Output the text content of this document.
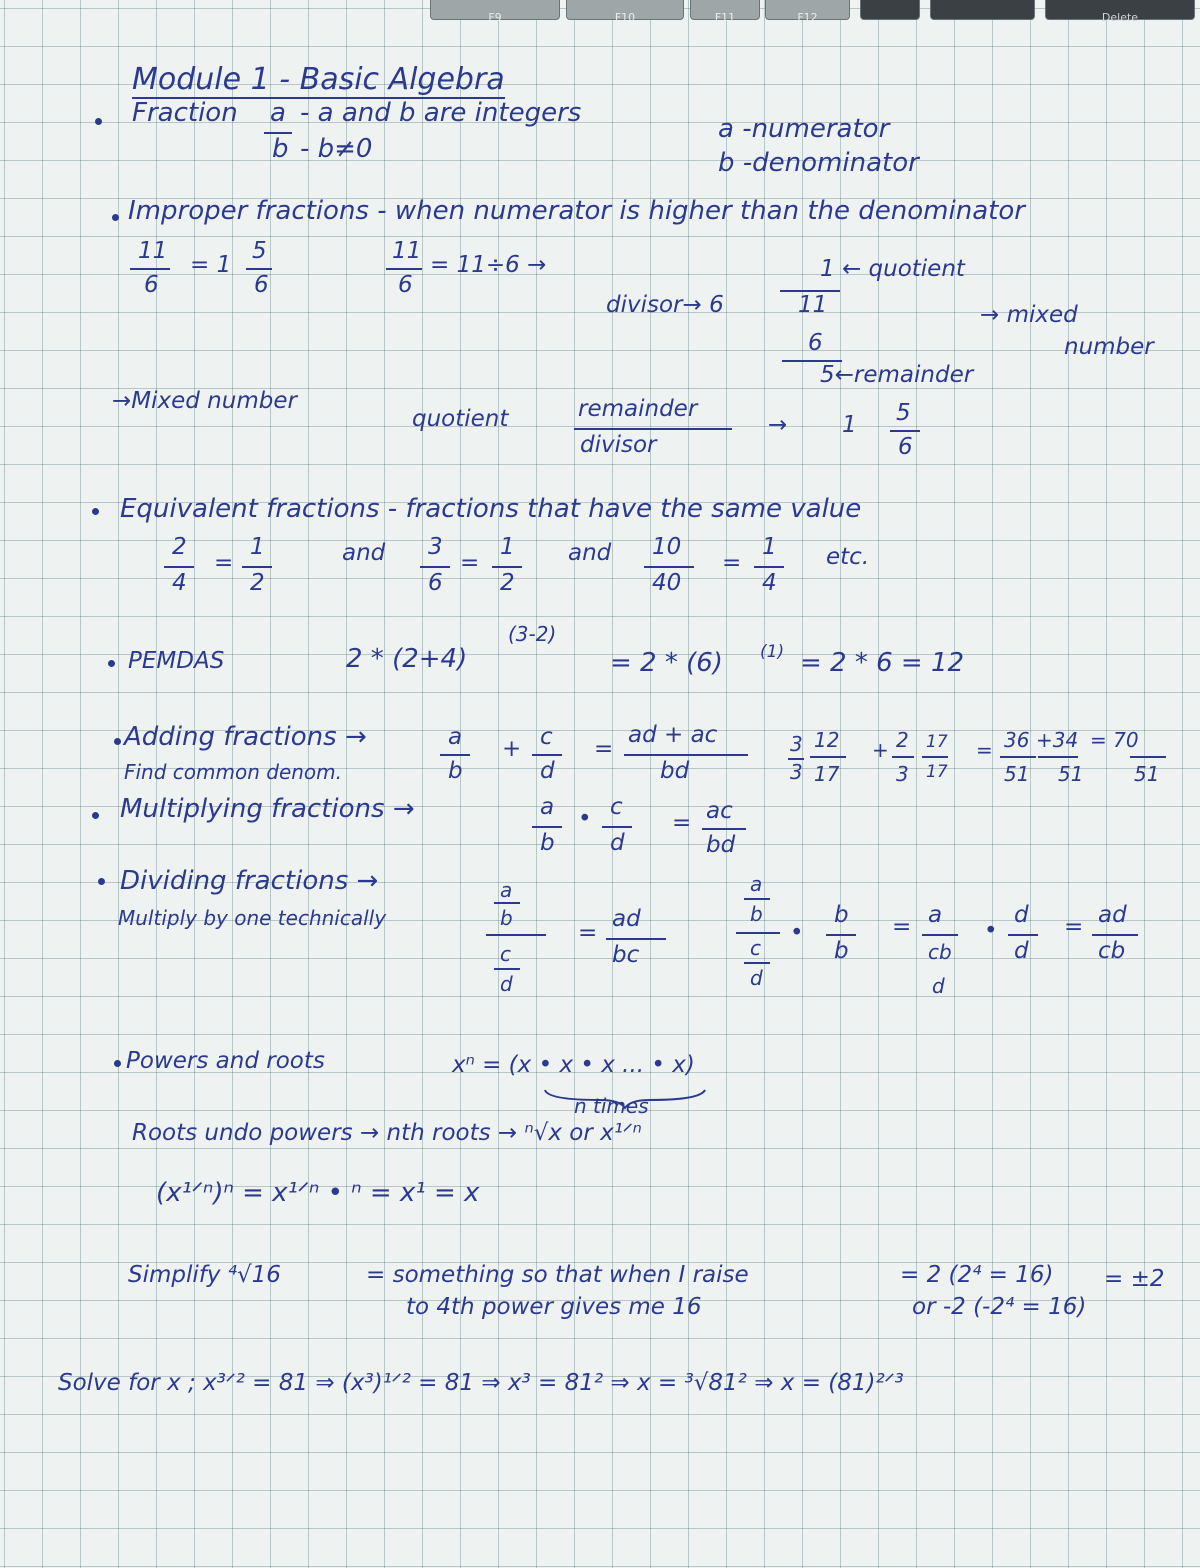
F9	F10	F11	F12	Delete
Module 1 - Basic Algebra
Fraction a
b
- a and b are integers
- b≠0
a -numerator
b -denominator
Improper fractions - when numerator is higher than the denominator
11
6
= 1
5
6
11
6
= 11÷6 →	1 ← quotient
divisor→ 6	11
6
5←remainder
→ mixed
number
→Mixed number
quotient	remainder
divisor
→ 1 5
6
Equivalent fractions - fractions that have the same value
2
4
=
1
2
and 3
6
=
1
2
and 10
40
=
1
4
etc.
PEMDAS	2 * (2+4)
(3-2)
= 2 * (6) (1) = 2 * 6 = 12
Adding fractions →
Find common denom.
a
b
+ c
d
=
ad + ac
bd
3
3
12
17
+ 2
3
17
17
= 36
51
+34
51
= 70
51
Multiplying fractions →	a
b
• c
d
= ac
bd
Dividing fractions →
Multiply by one technically
a
b
c
d
=
ad
bc
a
b
c
d
•
b
b
= a
cb
d
•
d
d
= ad
cb
Powers and roots	xⁿ = (x • x • x ... • x)
n times
Roots undo powers → nth roots → ⁿ√x or x¹ᐟⁿ
(x¹ᐟⁿ)ⁿ = x¹ᐟⁿ • ⁿ = x¹ = x
Simplify ⁴√16	= something so that when I raise
to 4th power gives me 16
= 2 (2⁴ = 16)
or -2 (-2⁴ = 16)
= ±2
Solve for x ; x³ᐟ² = 81 ⇒ (x³)¹ᐟ² = 81 ⇒ x³ = 81² ⇒ x = ³√81² ⇒ x = (81)²ᐟ³
